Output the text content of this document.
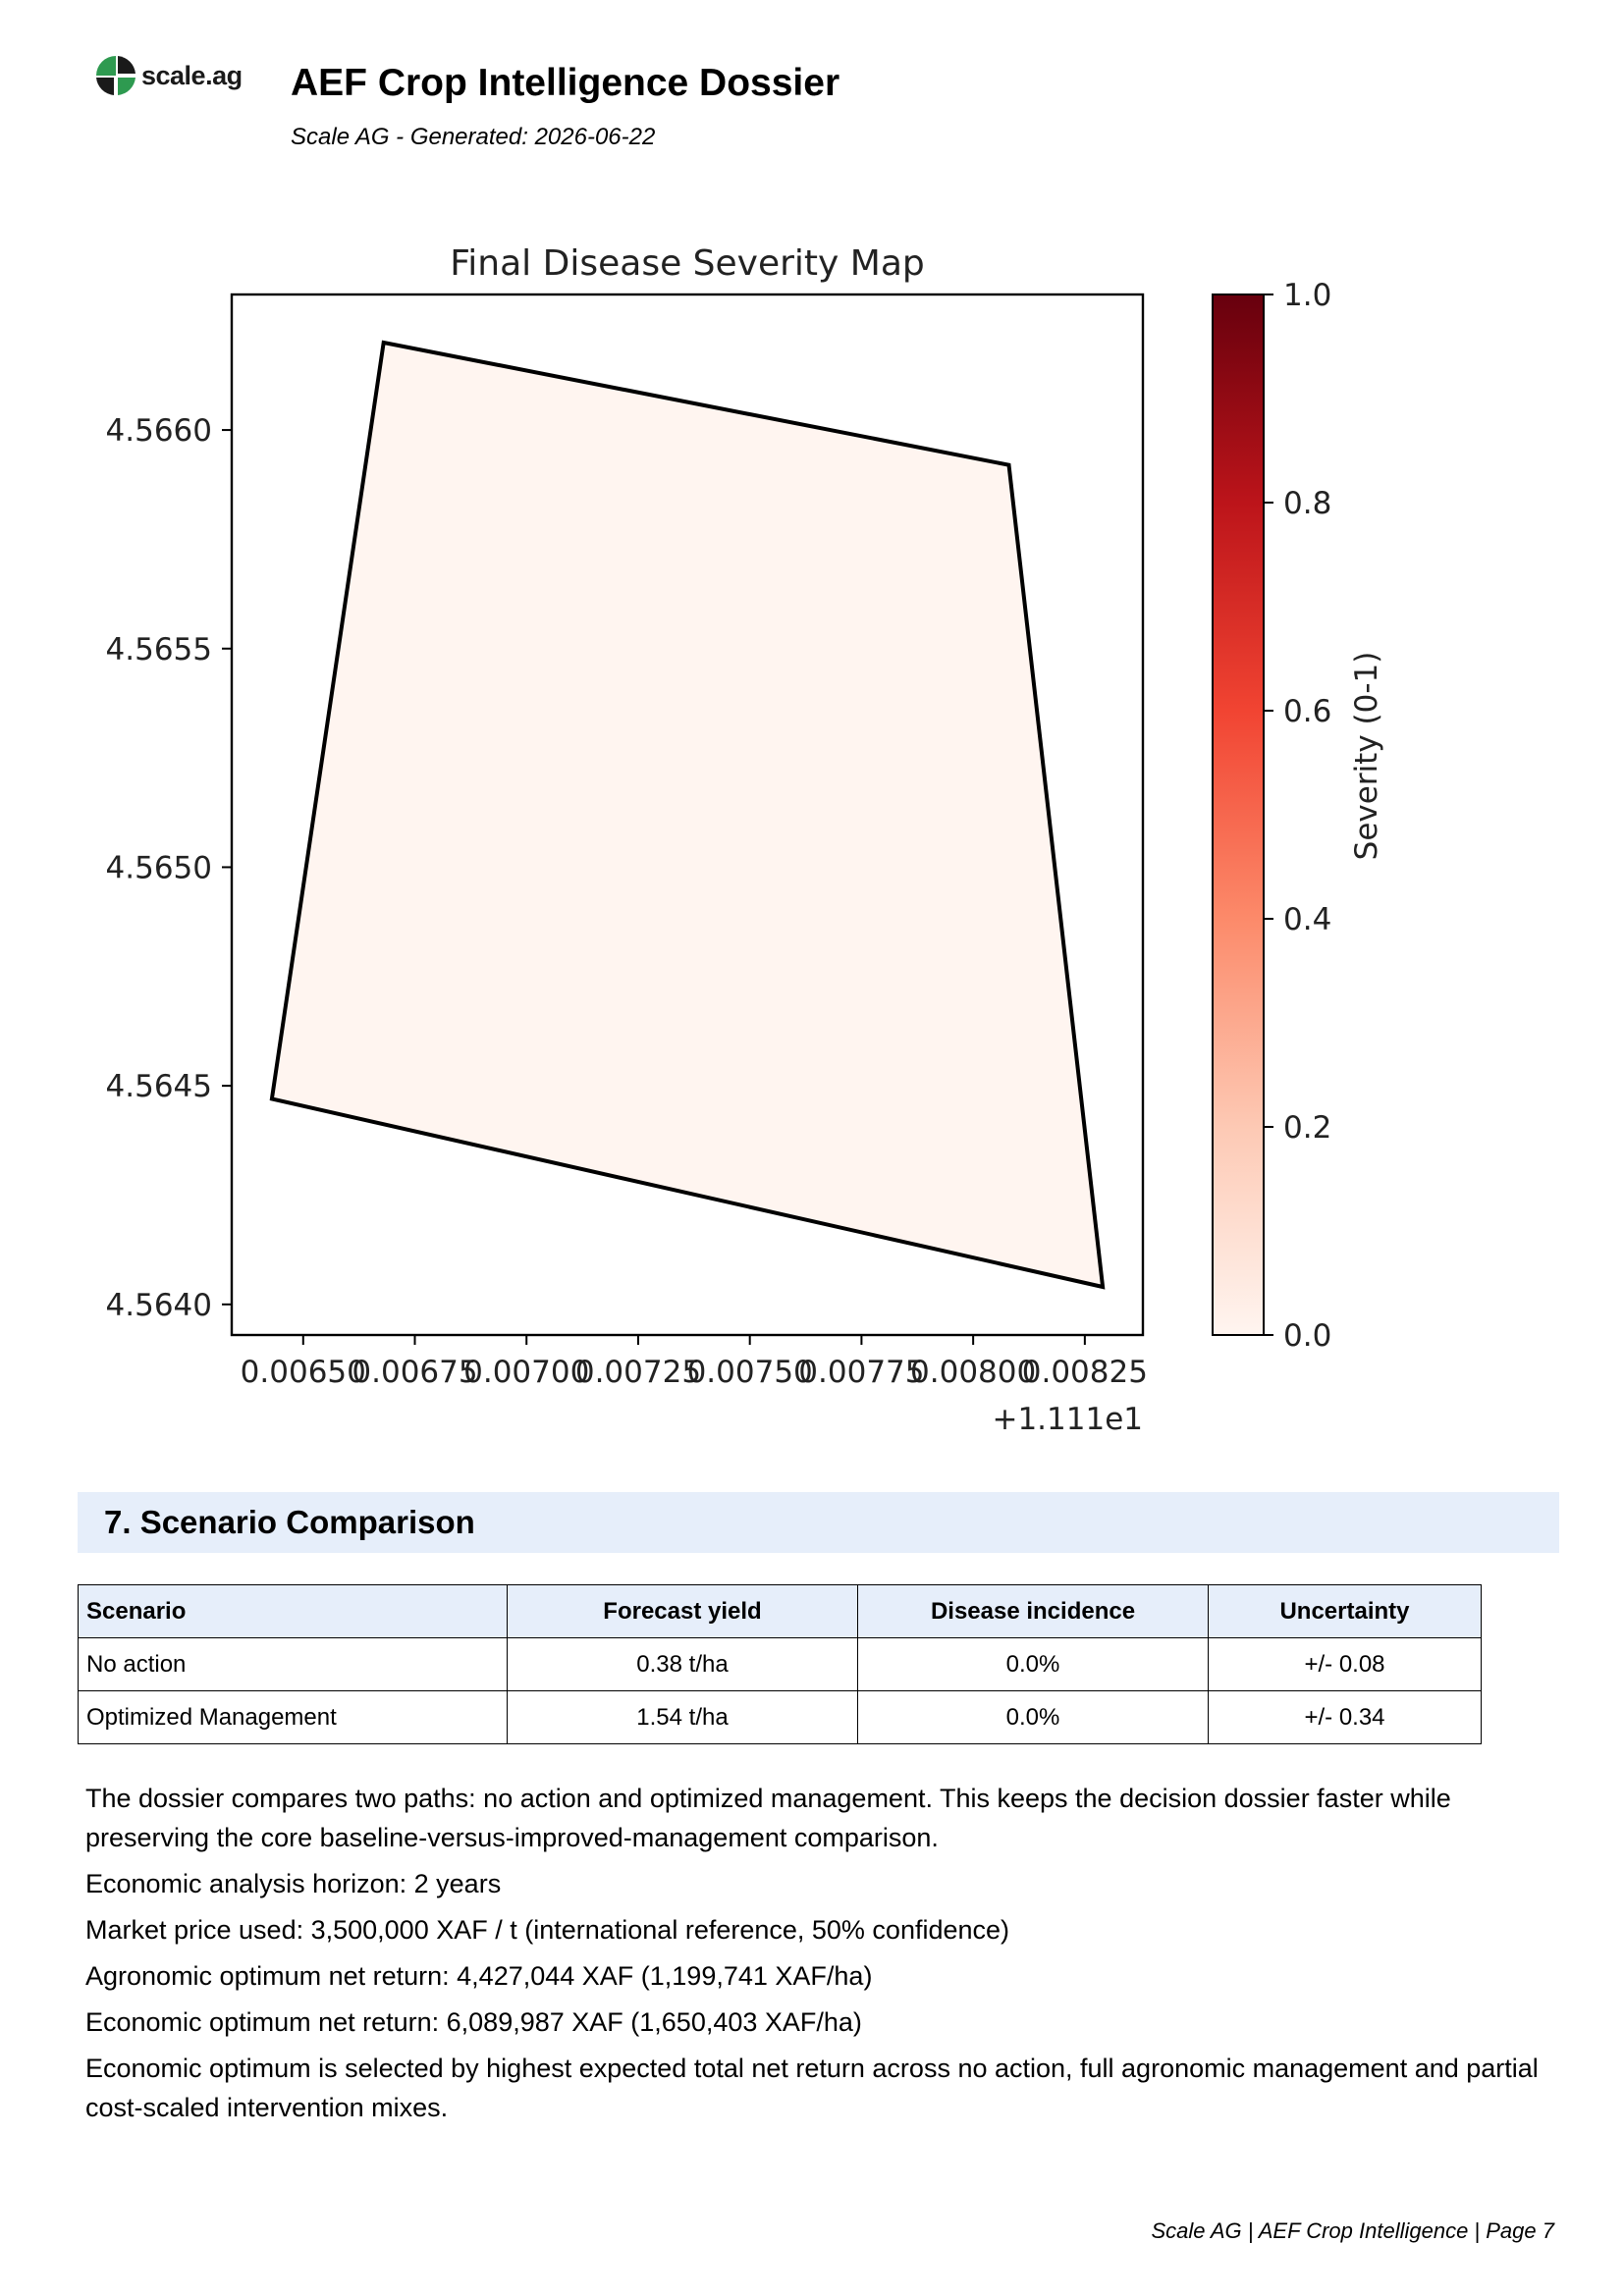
scale.ag AEF Crop Intelligence Dossier
Scale AG - Generated: 2026-06-22
Final Disease Severity Map
4.5640
4.5645
4.5650
4.5655
4.5660
0.00650
0.00675
0.00700
0.00725
0.00750
0.00775
0.00800
0.00825
+1.111e1
0.0
0.2
0.4
0.6
0.8
1.0
Severity (0-1)
7. Scenario Comparison
Scenario	Forecast yield	Disease incidence	Uncertainty
No action	0.38 t/ha	0.0%	+/- 0.08
Optimized Management	1.54 t/ha	0.0%	+/- 0.34

The dossier compares two paths: no action and optimized management. This keeps the decision dossier faster while preserving the core baseline-versus-improved-management comparison.

Economic analysis horizon: 2 years

Market price used: 3,500,000 XAF / t (international reference, 50% confidence)

Agronomic optimum net return: 4,427,044 XAF (1,199,741 XAF/ha)

Economic optimum net return: 6,089,987 XAF (1,650,403 XAF/ha)

Economic optimum is selected by highest expected total net return across no action, full agronomic management and partial cost-scaled intervention mixes.

Scale AG | AEF Crop Intelligence | Page 7
